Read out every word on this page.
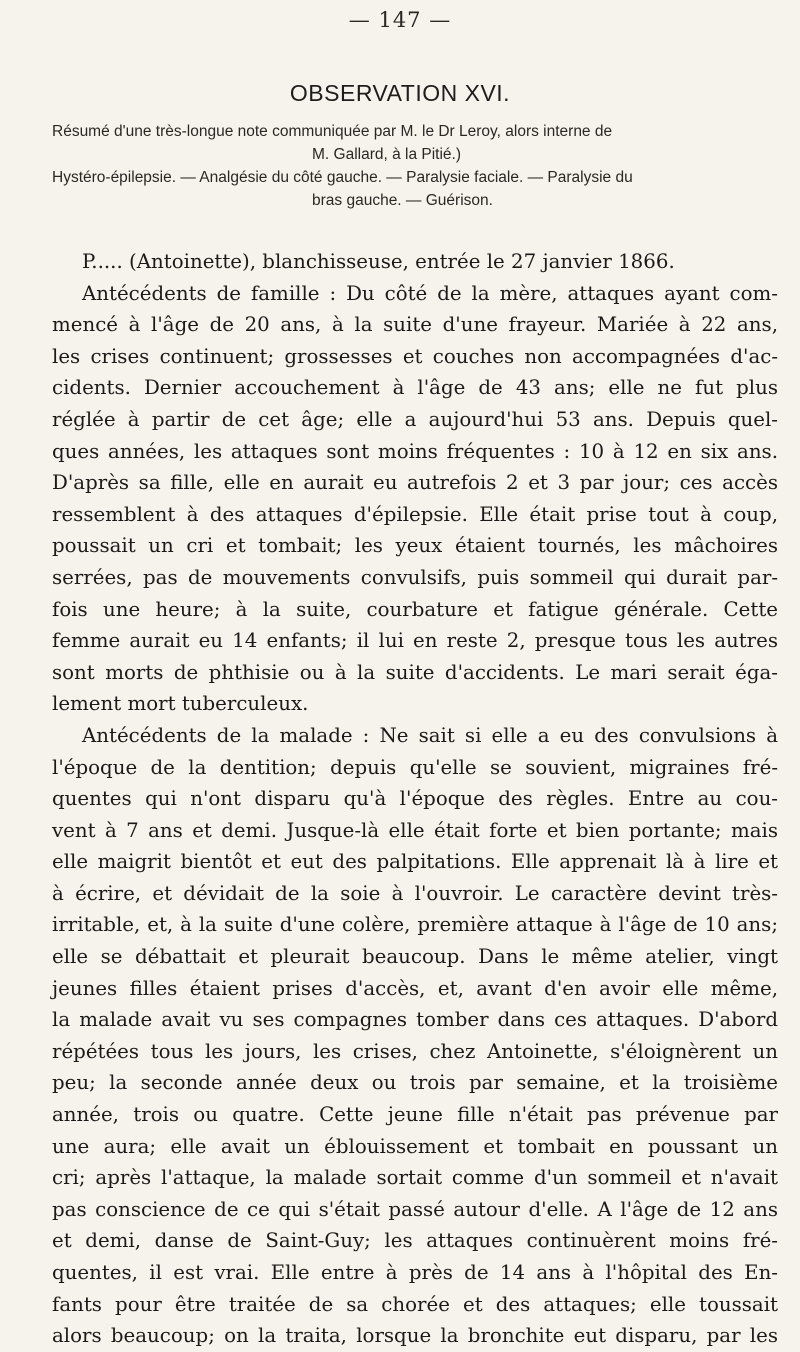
— 147 —
OBSERVATION XVI.
Résumé d'une très-longue note communiquée par M. le Dr Leroy, alors interne de
M. Gallard, à la Pitié.)
Hystéro-épilepsie. — Analgésie du côté gauche. — Paralysie faciale. — Paralysie du
bras gauche. — Guérison.
P..... (Antoinette), blanchisseuse, entrée le 27 janvier 1866.
Antécédents de famille : Du côté de la mère, attaques ayant com-
mencé à l'âge de 20 ans, à la suite d'une frayeur. Mariée à 22 ans,
les crises continuent; grossesses et couches non accompagnées d'ac-
cidents. Dernier accouchement à l'âge de 43 ans; elle ne fut plus
réglée à partir de cet âge; elle a aujourd'hui 53 ans. Depuis quel-
ques années, les attaques sont moins fréquentes : 10 à 12 en six ans.
D'après sa fille, elle en aurait eu autrefois 2 et 3 par jour; ces accès
ressemblent à des attaques d'épilepsie. Elle était prise tout à coup,
poussait un cri et tombait; les yeux étaient tournés, les mâchoires
serrées, pas de mouvements convulsifs, puis sommeil qui durait par-
fois une heure; à la suite, courbature et fatigue générale. Cette
femme aurait eu 14 enfants; il lui en reste 2, presque tous les autres
sont morts de phthisie ou à la suite d'accidents. Le mari serait éga-
lement mort tuberculeux.
Antécédents de la malade : Ne sait si elle a eu des convulsions à
l'époque de la dentition; depuis qu'elle se souvient, migraines fré-
quentes qui n'ont disparu qu'à l'époque des règles. Entre au cou-
vent à 7 ans et demi. Jusque-là elle était forte et bien portante; mais
elle maigrit bientôt et eut des palpitations. Elle apprenait là à lire et
à écrire, et dévidait de la soie à l'ouvroir. Le caractère devint très-
irritable, et, à la suite d'une colère, première attaque à l'âge de 10 ans;
elle se débattait et pleurait beaucoup. Dans le même atelier, vingt
jeunes filles étaient prises d'accès, et, avant d'en avoir elle même,
la malade avait vu ses compagnes tomber dans ces attaques. D'abord
répétées tous les jours, les crises, chez Antoinette, s'éloignèrent un
peu; la seconde année deux ou trois par semaine, et la troisième
année, trois ou quatre. Cette jeune fille n'était pas prévenue par
une aura; elle avait un éblouissement et tombait en poussant un
cri; après l'attaque, la malade sortait comme d'un sommeil et n'avait
pas conscience de ce qui s'était passé autour d'elle. A l'âge de 12 ans
et demi, danse de Saint-Guy; les attaques continuèrent moins fré-
quentes, il est vrai. Elle entre à près de 14 ans à l'hôpital des En-
fants pour être traitée de sa chorée et des attaques; elle toussait
alors beaucoup; on la traita, lorsque la bronchite eut disparu, par les
